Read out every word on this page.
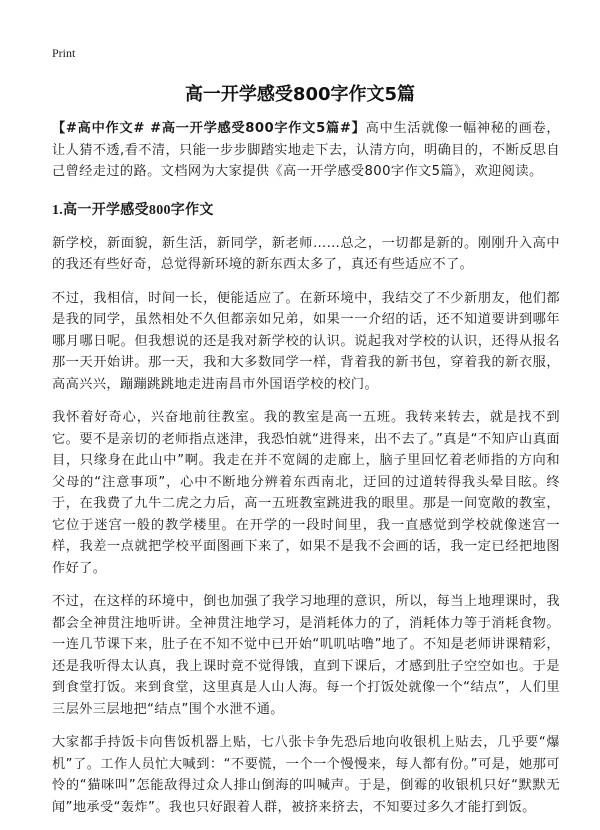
Print
高一开学感受800字作文5篇

【#高中作文# #高一开学感受800字作文5篇#】高中生活就像一幅神秘的画卷，让人猜不透,看不清，只能一步步脚踏实地走下去，认清方向，明确目的，不断反思自己曾经走过的路。文档网为大家提供《高一开学感受800字作文5篇》，欢迎阅读。

1.高一开学感受800字作文

新学校，新面貌，新生活，新同学，新老师……总之，一切都是新的。刚刚升入高中的我还有些好奇，总觉得新环境的新东西太多了，真还有些适应不了。

不过，我相信，时间一长，便能适应了。在新环境中，我结交了不少新朋友，他们都是我的同学，虽然相处不久但都亲如兄弟，如果一一介绍的话，还不知道要讲到哪年哪月哪日呢。但我想说的还是我对新学校的认识。说起我对学校的认识，还得从报名那一天开始讲。那一天，我和大多数同学一样，背着我的新书包，穿着我的新衣服，高高兴兴，蹦蹦跳跳地走进南昌市外国语学校的校门。

我怀着好奇心，兴奋地前往教室。我的教室是高一五班。我转来转去，就是找不到它。要不是亲切的老师指点迷津，我恐怕就“进得来，出不去了。”真是“不知庐山真面目，只缘身在此山中”啊。我走在并不宽阔的走廊上，脑子里回忆着老师指的方向和父母的“注意事项”，心中不断地分辨着东西南北，迂回的过道转得我头晕目眩。终于，在我费了九牛二虎之力后，高一五班教室跳进我的眼里。那是一间宽敞的教室，它位于迷宫一般的教学楼里。在开学的一段时间里，我一直感觉到学校就像迷宫一样，我差一点就把学校平面图画下来了，如果不是我不会画的话，我一定已经把地图作好了。

不过，在这样的环境中，倒也加强了我学习地理的意识，所以，每当上地理课时，我都会全神贯注地听讲。全神贯注地学习，是消耗体力的了，消耗体力等于消耗食物。一连几节课下来，肚子在不知不觉中已开始“叽叽咕噜”地了。不知是老师讲课精彩，还是我听得太认真，我上课时竟不觉得饿，直到下课后，才感到肚子空空如也。于是到食堂打饭。来到食堂，这里真是人山人海。每一个打饭处就像一个“结点”，人们里三层外三层地把“结点”围个水泄不通。

大家都手持饭卡向售饭机器上贴，七八张卡争先恐后地向收银机上贴去，几乎要“爆机”了。工作人员忙大喊到：“不要慌，一个一个慢慢来，每人都有份。”可是，她那可怜的“猫咪叫”怎能敌得过众人排山倒海的叫喊声。于是，倒霉的收银机只好“默默无闻”地承受“轰炸”。我也只好跟着人群，被挤来挤去，不知要过多久才能打到饭。
